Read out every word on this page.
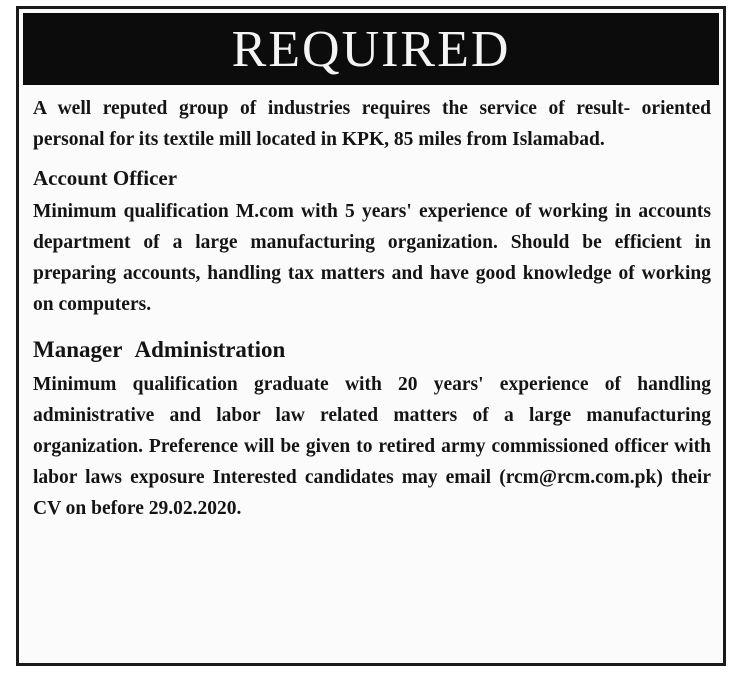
REQUIRED

A well reputed group of industries requires the service of result- oriented personal for its textile mill located in KPK, 85 miles from Islamabad.

Account Officer

Minimum qualification M.com with 5 years' experience of working in accounts department of a large manufacturing organization. Should be efficient in preparing accounts, handling tax matters and have good knowledge of working on computers.

Manager Administration

Minimum qualification graduate with 20 years' experience of handling administrative and labor law related matters of a large manufacturing organization. Preference will be given to retired army commissioned officer with labor laws exposure Interested candidates may email (rcm@rcm.com.pk) their CV on before 29.02.2020.
